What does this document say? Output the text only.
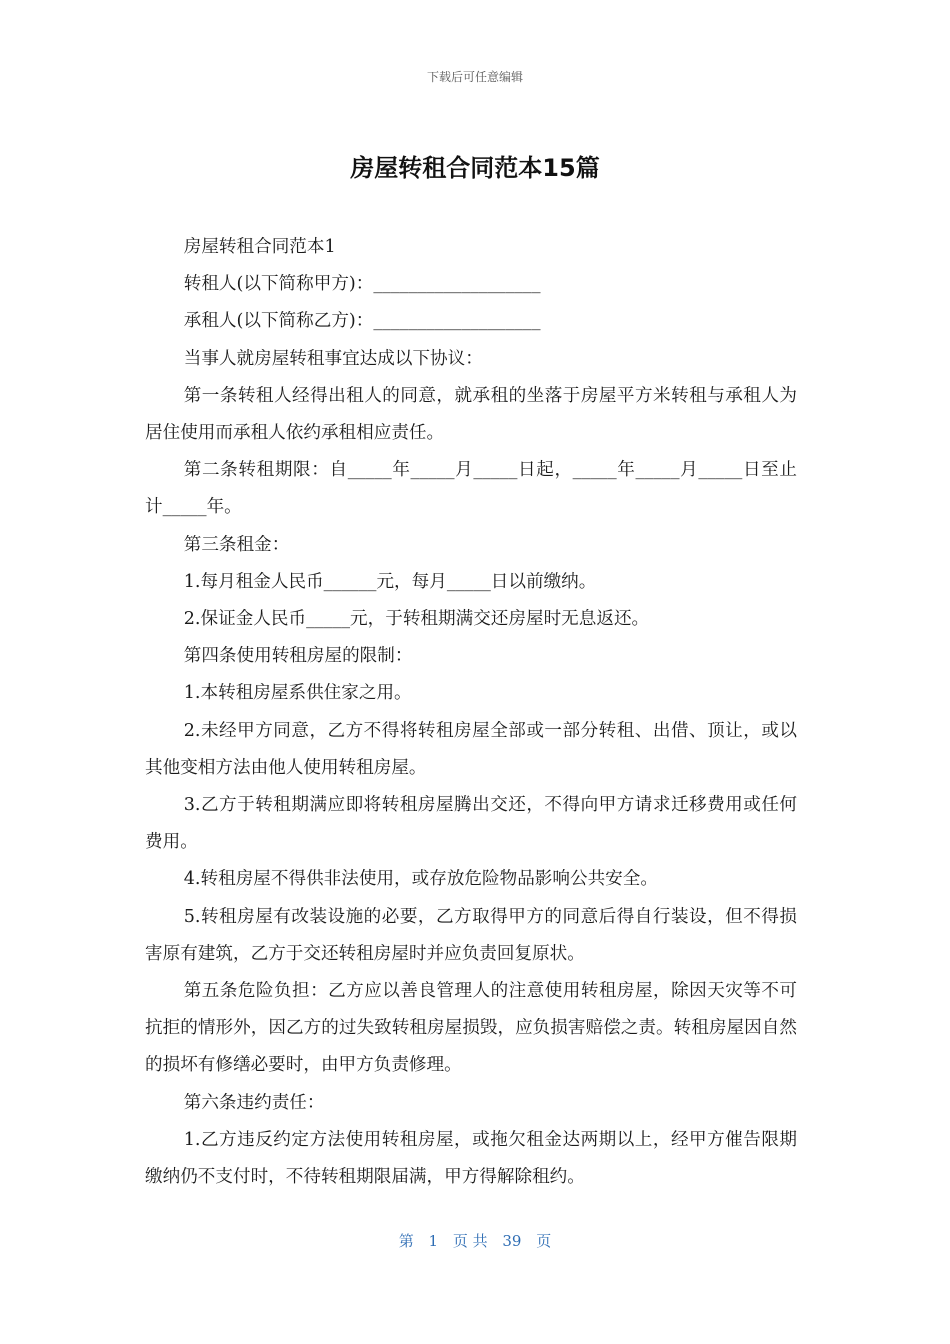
下载后可任意编辑
房屋转租合同范本15篇

房屋转租合同范本1

转租人(以下简称甲方)：___________________

承租人(以下简称乙方)：___________________

当事人就房屋转租事宜达成以下协议：

第一条转租人经得出租人的同意，就承租的坐落于房屋平方米转租与承租人为居住使用而承租人依约承租相应责任。

第二条转租期限：自_____年_____月_____日起，_____年_____月_____日至止计_____年。

第三条租金：

1.每月租金人民币______元，每月_____日以前缴纳。

2.保证金人民币_____元，于转租期满交还房屋时无息返还。

第四条使用转租房屋的限制：

1.本转租房屋系供住家之用。

2.未经甲方同意，乙方不得将转租房屋全部或一部分转租、出借、顶让，或以其他变相方法由他人使用转租房屋。

3.乙方于转租期满应即将转租房屋腾出交还，不得向甲方请求迁移费用或任何费用。

4.转租房屋不得供非法使用，或存放危险物品影响公共安全。

5.转租房屋有改装设施的必要，乙方取得甲方的同意后得自行装设，但不得损害原有建筑，乙方于交还转租房屋时并应负责回复原状。

第五条危险负担：乙方应以善良管理人的注意使用转租房屋，除因天灾等不可抗拒的情形外，因乙方的过失致转租房屋损毁，应负损害赔偿之责。转租房屋因自然的损坏有修缮必要时，由甲方负责修理。

第六条违约责任：

1.乙方违反约定方法使用转租房屋，或拖欠租金达两期以上，经甲方催告限期缴纳仍不支付时，不待转租期限届满，甲方得解除租约。

第 1 页 共 39 页
